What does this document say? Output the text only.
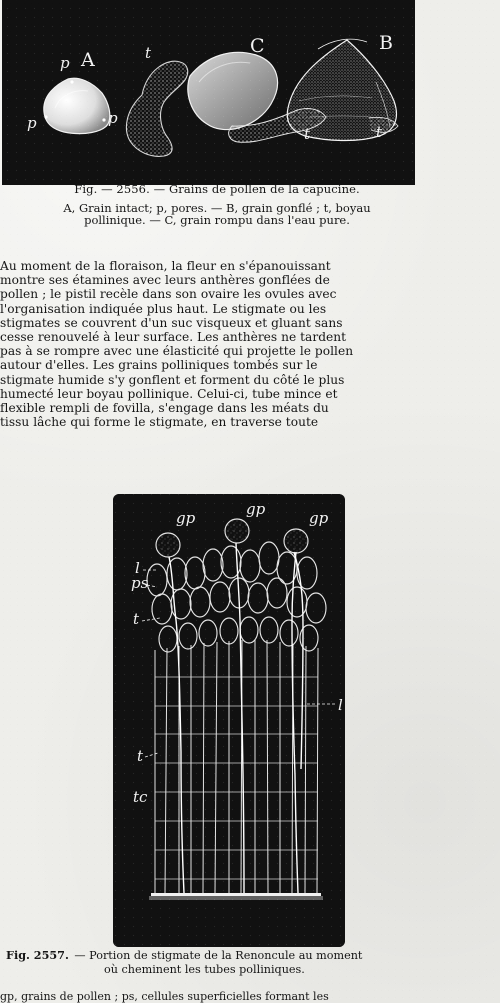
p A
p	p
t	C	B
t	t
Fig. — 2556. — Grains de pollen de la capucine.
A, Grain intact; p, pores. — B, grain gonflé ; t, boyau
pollinique. — C, grain rompu dans l'eau pure.
Au moment de la floraison, la fleur en s'épanouissant
montre ses étamines avec leurs anthères gonflées de
pollen ; le pistil recèle dans son ovaire les ovules avec
l'organisation indiquée plus haut. Le stigmate ou les
stigmates se couvrent d'un suc visqueux et gluant sans
cesse renouvelé à leur surface. Les anthères ne tardent
pas à se rompre avec une élasticité qui projette le pollen
autour d'elles. Les grains polliniques tombés sur le
stigmate humide s'y gonflent et forment du côté le plus
humecté leur boyau pollinique. Celui-ci, tube mince et
flexible rempli de fovilla, s'engage dans les méats du
tissu lâche qui forme le stigmate, en traverse toute
gp	gp	gp
l
ps
t
l
t
tc
Fig. 2557. — Portion de stigmate de la Renoncule au moment
où cheminent les tubes polliniques.
gp, grains de pollen ; ps, cellules superficielles formant les
